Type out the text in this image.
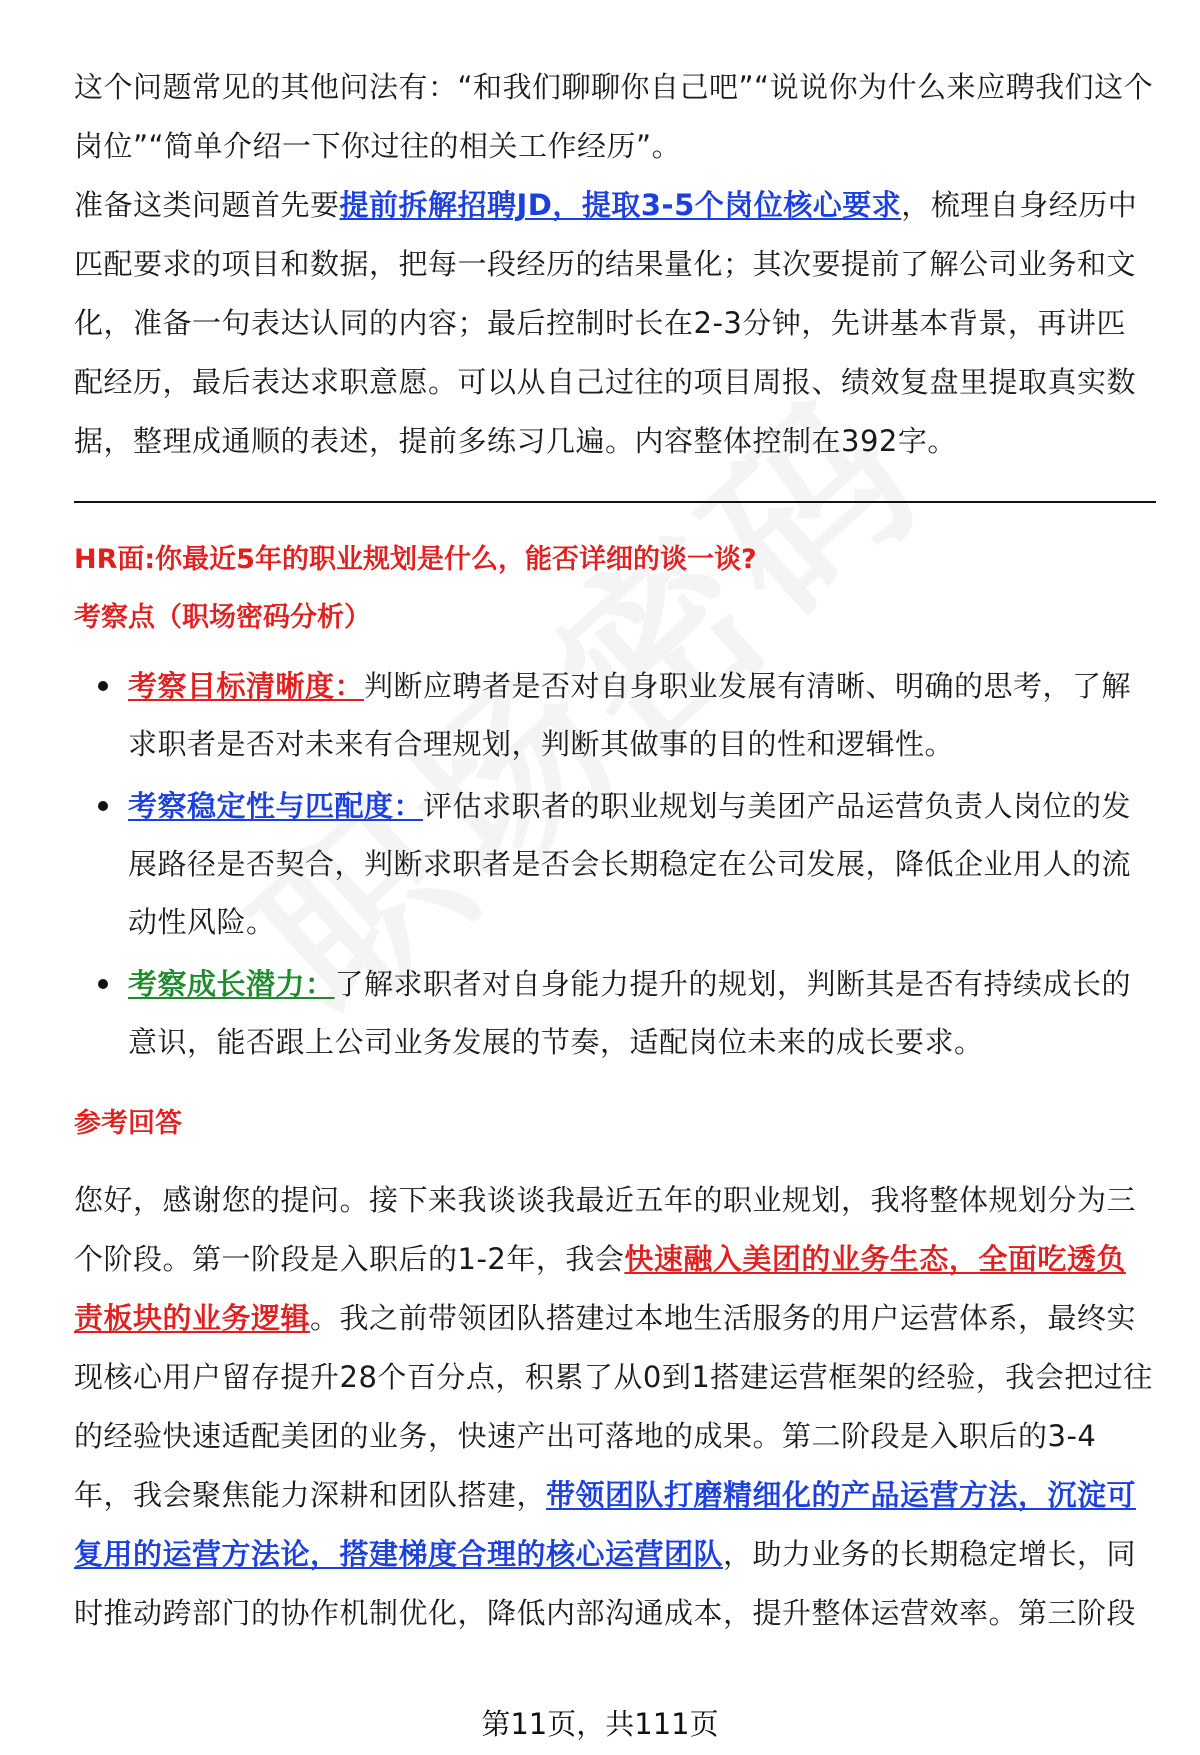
这个问题常见的其他问法有：“和我们聊聊你自己吧”“说说你为什么来应聘我们这个岗位”“简单介绍一下你过往的相关工作经历”。

准备这类问题首先要提前拆解招聘JD，提取3-5个岗位核心要求，梳理自身经历中匹配要求的项目和数据，把每一段经历的结果量化；其次要提前了解公司业务和文化，准备一句表达认同的内容；最后控制时长在2-3分钟，先讲基本背景，再讲匹配经历，最后表达求职意愿。可以从自己过往的项目周报、绩效复盘里提取真实数据，整理成通顺的表述，提前多练习几遍。内容整体控制在392字。

HR面:你最近5年的职业规划是什么，能否详细的谈一谈?
考察点（职场密码分析）
考察目标清晰度：判断应聘者是否对自身职业发展有清晰、明确的思考，了解求职者是否对未来有合理规划，判断其做事的目的性和逻辑性。
考察稳定性与匹配度：评估求职者的职业规划与美团产品运营负责人岗位的发展路径是否契合，判断求职者是否会长期稳定在公司发展，降低企业用人的流动性风险。
考察成长潜力：了解求职者对自身能力提升的规划，判断其是否有持续成长的意识，能否跟上公司业务发展的节奏，适配岗位未来的成长要求。
参考回答

您好，感谢您的提问。接下来我谈谈我最近五年的职业规划，我将整体规划分为三个阶段。第一阶段是入职后的1-2年，我会快速融入美团的业务生态，全面吃透负责板块的业务逻辑。我之前带领团队搭建过本地生活服务的用户运营体系，最终实现核心用户留存提升28个百分点，积累了从0到1搭建运营框架的经验，我会把过往的经验快速适配美团的业务，快速产出可落地的成果。第二阶段是入职后的3-4年，我会聚焦能力深耕和团队搭建，带领团队打磨精细化的产品运营方法，沉淀可复用的运营方法论，搭建梯度合理的核心运营团队，助力业务的长期稳定增长，同时推动跨部门的协作机制优化，降低内部沟通成本，提升整体运营效率。第三阶段

第11页，共111页
